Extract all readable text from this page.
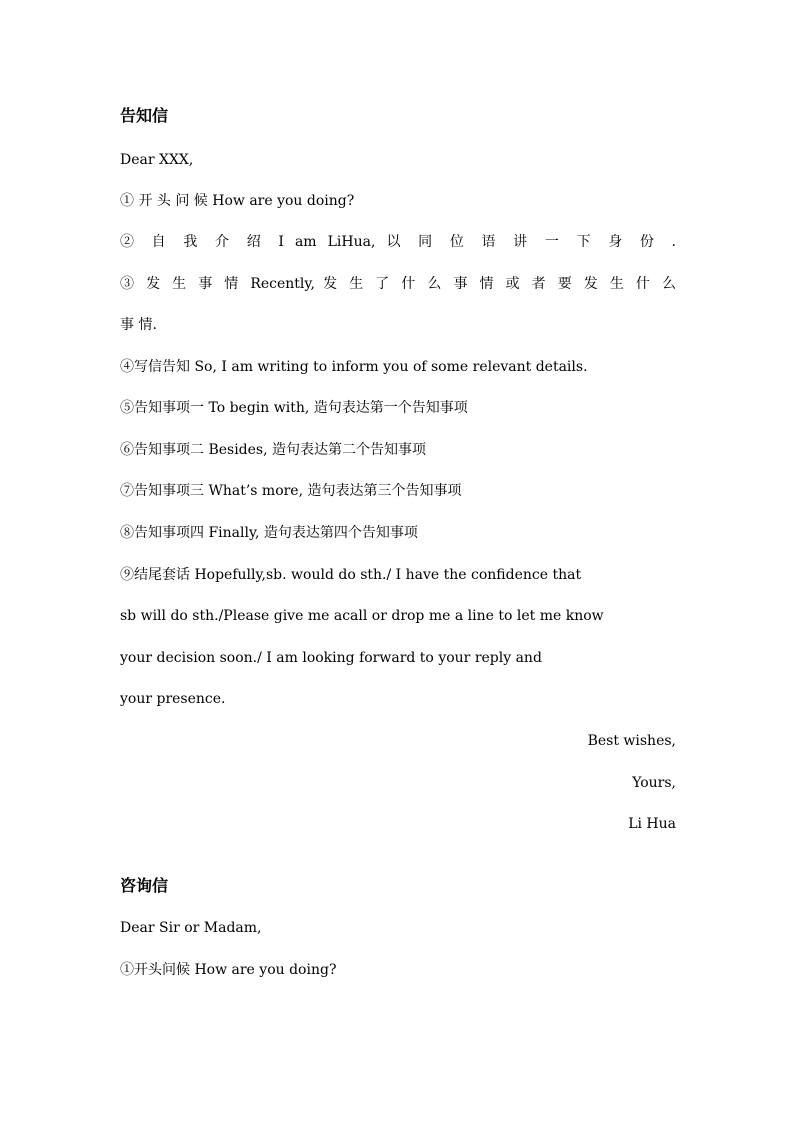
告知信
Dear XXX,
① 开 头 问 候 How are you doing?
② 自 我 介 绍 I am LiHua, 以 同 位 语 讲 一 下 身 份 .
③ 发 生 事 情 Recently, 发 生 了 什 么 事 情 或 者 要 发 生 什 么
事 情.
④写信告知 So, I am writing to inform you of some relevant details.
⑤告知事项一 To begin with, 造句表达第一个告知事项
⑥告知事项二 Besides, 造句表达第二个告知事项
⑦告知事项三 What’s more, 造句表达第三个告知事项
⑧告知事项四 Finally, 造句表达第四个告知事项
⑨结尾套话 Hopefully,sb. would do sth./ I have the confidence that
sb will do sth./Please give me acall or drop me a line to let me know
your decision soon./ I am looking forward to your reply and
your presence.
Best wishes,
Yours,
Li Hua
咨询信
Dear Sir or Madam,
①开头问候 How are you doing?
